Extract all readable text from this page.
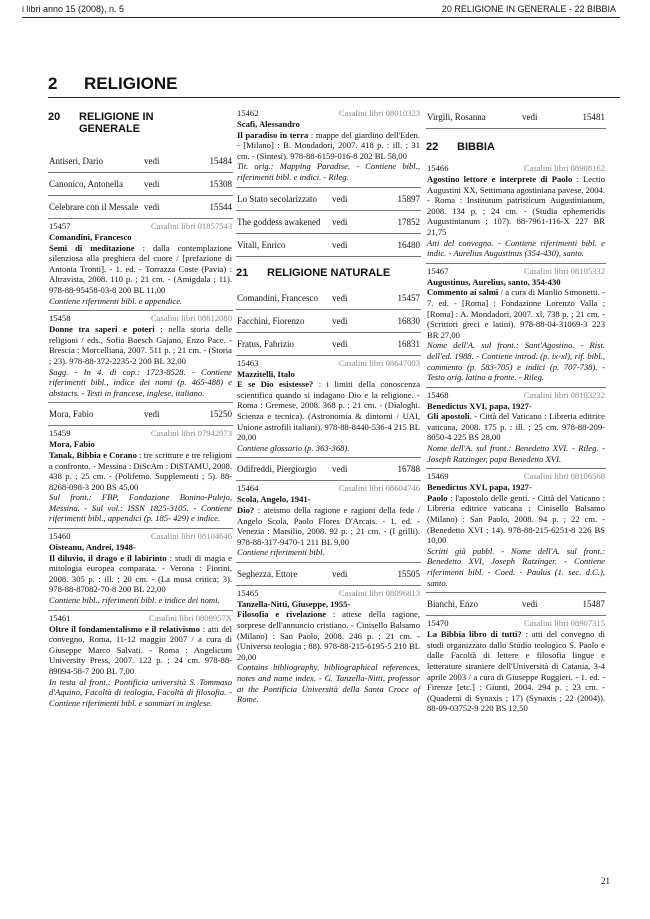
i libri anno 15 (2008), n. 5	20 RELIGIONE IN GENERALE - 22 BIBBIA
2 RELIGIONE
20 RELIGIONE IN
GENERALE
Antiseri, Dario	vedi	15484
Canonico, Antonella vedi	15308
Celebrare con il Messale vedi	15544
15457	Casalini libri 01857543
Comandini, Francesco

Semi di meditazione : dalla contemplazione silenziosa alla preghiera del cuore / [prefazione di Antonia Tronti]. - 1. ed. - Torrazza Coste (Pavia) : Altravista, 2008. 110 p. ; 21 cm. - (Amigdala ; 11). 978-88-95458-03-8 200 BL 11,00

Contiene riferimenti bibl. e appendice.

15458	Casalini libri 08612080

Donne tra saperi e poteri : nella storia delle religioni / eds., Sofia Boesch Gajano, Enzo Pace. - Brescia : Morcelliana, 2007. 511 p. ; 21 cm. - (Storia ; 23). 978-88-372-2235-2 200 BL 32,00

Sagg. - In 4. di cop.: 1723-8528. - Contiene riferimenti bibl., indice dei nomi (p. 465-488) e abstacts. - Testi in francese, inglese, italiano.

Mora, Fabio	vedi	15250
15459	Casalini libri 07942073
Mora, Fabio

Tanak, Bibbia e Corano : tre scritture e tre religioni a confronto. - Messina : DiScAm : DiSTAMU, 2008. 438 p. ; 25 cm. - (Polifemo. Supplementi ; 5). 88-8268-098-3 200 BS 45,00

Sul front.: FBP, Fondazione Bonino-Pulejo, Messina. - Sul vol.: ISSN 1825-3105. - Contiene riferimenti bibl., appendici (p. 185- 429) e indice.

15460	Casalini libri 08104646
Oisteanu, Andrei, 1948-

Il diluvio, il drago e il labirinto : studi di magia e mitologia europea comparata. - Verona : Fiorini, 2008. 305 p. : ill. ; 20 cm. - (La musa critica; 3). 978-88-87082-70-8 200 BL 22,00

Contiene bibl., riferimenti bibl. e indice dei nomi.

15461	Casalini libri 0809957X

Oltre il fondamentalismo e il relativismo : atti del convegno, Roma, 11-12 maggio 2007 / a cura di Giuseppe Marco Salvati. - Roma : Angelicum University Press, 2007. 122 p. ; 24 cm. 978-88-89094-58-7 200 BL 7,00

In testa al front.: Pontificia università S. Tommaso d'Aquino, Facoltà di teologia, Facoltà di filosofia. - Contiene riferimenti bibl. e sommari in inglese.

15462	Casalini libri 08010323
Scafi, Alessandro

Il paradiso in terra : mappe del giardino dell'Eden. - [Milano] : B. Mondadori, 2007. 418 p. : ill. ; 31 cm. - (Sintesi). 978-88-6159-016-8 202 BL 58,00

Tit. orig.: Mapping Paradise. - Contiene bibl., riferimenti bibl. e indici. - Rileg.

Lo Stato secolarizzato vedi	15897
The goddess awakened vedi	17852
Vitali, Enrico	vedi	16480
21 RELIGIONE NATURALE
Comandini, Francesco vedi	15457
Facchini, Fiorenzo	vedi	16830
Fratus, Fabrizio	vedi	16831
15463	Casalini libri 08647003
Mazzitelli, Italo

E se Dio esistesse? : i limiti della conoscenza scientifica quando si indagano Dio e la religione. - Roma : Gremese, 2008. 368 p. ; 21 cm. - (Dialoghi. Scienza e tecnica). (Astronomia & dintorni / UAI, Unione astrofili italiani). 978-88-8440-536-4 215 BL 20,00

Contiene glossario (p. 363-368).

Odifreddi, Piergiorgio vedi	16788
15464	Casalini libri 08604746
Scola, Angelo, 1941-

Dio? : ateismo della ragione e ragioni della fede / Angelo Scola, Paolo Flores D'Arcais. - 1. ed. - Venezia : Marsilio, 2008. 92 p. ; 21 cm. - (I grilli). 978-88-317-9470-1 211 BL 9,00

Contiene riferimenti bibl.

Seghezza, Ettore	vedi	15505
15465	Casalini libri 08096813
Tanzella-Nitti, Giuseppe, 1955-

Filosofia e rivelazione : attese della ragione, sorprese dell'annuncio cristiano. - Cinisello Balsamo (Milano) : San Paolo, 2008. 246 p. ; 21 cm. - (Universo teologia ; 88). 978-88-215-6195-5 210 BL 20,00

Contains bibliography, bibliographical references, notes and name index. - G. Tanzella-Nitti, professor at the Pontificia Università della Santa Croce of Rome.

Virgili, Rosanna	vedi	15481
22 BIBBIA
15466	Casalini libri 08908162

Agostino lettore e interprete di Paolo : Lectio Augustini XX, Settimana agostiniana pavese, 2004. - Roma : Institutum patristicum Augustinianum, 2008. 134 p. ; 24 cm. - (Studia ephemeridis Augustinianum ; 107). 88-7961-116-X 227 BR 21,75

Atti del convegno. - Contiene riferimenti bibl. e indic. - Aurelius Augustinus (354-430), santo.

15467	Casalini libri 08105332
Augustinus, Aurelius, santo, 354-430

Commento ai salmi / a cura di Manlio Simonetti. - 7. ed. - [Roma] : Fondazione Lorenzo Valla ; [Roma] : A. Mondadori, 2007. xl, 738 p. ; 21 cm. - (Scrittori greci e latini). 978-88-04-31069-3 223 BR 27,00

Nome dell'A. sul front.: Sant'Agostino. - Rist. dell'ed. 1988. - Contiene introd. (p. ix-xl), rif. bibl., commento (p. 583-705) e indici (p. 707-738). - Testo orig. latino a fronte. - Rileg.

15468	Casalini libri 08103232
Benedictus XVI, papa, 1927-

Gli apostoli. - Città del Vaticano : Libreria editrice vaticana, 2008. 175 p. : ill. ; 25 cm. 978-88-209-8050-4 225 BS 28,00

Nome dell'A. sul front.: Benedetto XVI. - Rileg. - Joseph Ratzinger, papa Benedetto XVI.

15469	Casalini libri 08106568
Benedictus XVI, papa, 1927-

Paolo : l'apostolo delle genti. - Città del Vaticano : Libreria editrice vaticana ; Cinisello Balsamo (Milano) : San Paolo, 2008. 94 p. ; 22 cm. - (Benedetto XVI ; 14). 978-88-215-6251-8 226 BS 10,00

Scritti già pubbl. - Nome dell'A. sul front.: Benedetto XVI, Joseph Ratzinger. - Contiene riferimenti bibl. - Coed. - Paulus (1. sec. d.C.), santo.

Bianchi, Enzo	vedi	15487
15470	Casalini libri 08907315

La Bibbia libro di tutti? : atti del convegno di studi organizzato dallo Studio teologico S. Paolo e dalle Facoltà di lettere e filosofia lingue e letterature straniere dell'Università di Catania, 3-4 aprile 2003 / a cura di Giuseppe Ruggieri. - 1. ed. - Firenze [etc.] : Giunti, 2004. 294 p. ; 23 cm. - (Quaderni di Synaxis ; 17) (Synaxis ; 22 (2004)). 88-09-03752-9 220 BS 12,50

21
